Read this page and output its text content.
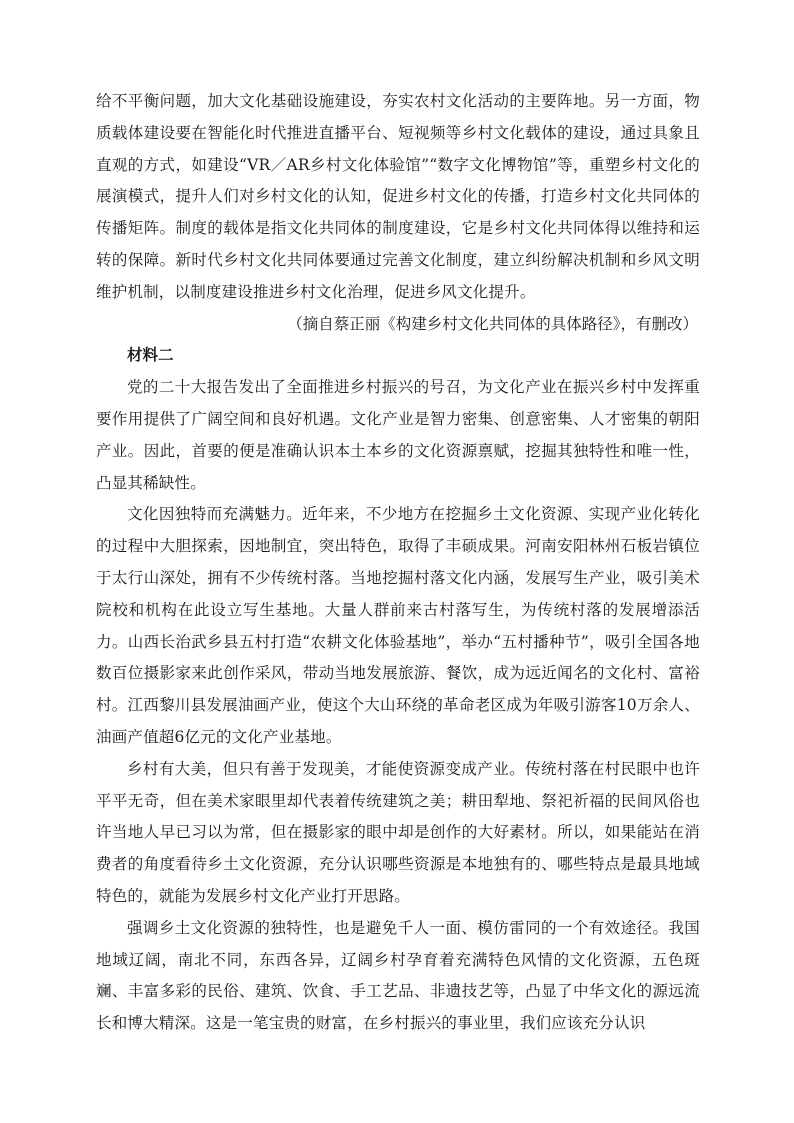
给不平衡问题，加大文化基础设施建设，夯实农村文化活动的主要阵地。另一方面，物质载体建设要在智能化时代推进直播平台、短视频等乡村文化载体的建设，通过具象且直观的方式，如建设“VR／AR乡村文化体验馆”“数字文化博物馆”等，重塑乡村文化的展演模式，提升人们对乡村文化的认知，促进乡村文化的传播，打造乡村文化共同体的传播矩阵。制度的载体是指文化共同体的制度建设，它是乡村文化共同体得以维持和运转的保障。新时代乡村文化共同体要通过完善文化制度，建立纠纷解决机制和乡风文明维护机制，以制度建设推进乡村文化治理，促进乡风文化提升。

（摘自蔡正丽《构建乡村文化共同体的具体路径》，有删改）

材料二

党的二十大报告发出了全面推进乡村振兴的号召，为文化产业在振兴乡村中发挥重要作用提供了广阔空间和良好机遇。文化产业是智力密集、创意密集、人才密集的朝阳产业。因此，首要的便是准确认识本土本乡的文化资源禀赋，挖掘其独特性和唯一性，凸显其稀缺性。

文化因独特而充满魅力。近年来，不少地方在挖掘乡土文化资源、实现产业化转化的过程中大胆探索，因地制宜，突出特色，取得了丰硕成果。河南安阳林州石板岩镇位于太行山深处，拥有不少传统村落。当地挖掘村落文化内涵，发展写生产业，吸引美术院校和机构在此设立写生基地。大量人群前来古村落写生，为传统村落的发展增添活力。山西长治武乡县五村打造“农耕文化体验基地”，举办“五村播种节”，吸引全国各地数百位摄影家来此创作采风，带动当地发展旅游、餐饮，成为远近闻名的文化村、富裕村。江西黎川县发展油画产业，使这个大山环绕的革命老区成为年吸引游客10万余人、油画产值超6亿元的文化产业基地。

乡村有大美，但只有善于发现美，才能使资源变成产业。传统村落在村民眼中也许平平无奇，但在美术家眼里却代表着传统建筑之美；耕田犁地、祭祀祈福的民间风俗也许当地人早已习以为常，但在摄影家的眼中却是创作的大好素材。所以，如果能站在消费者的角度看待乡土文化资源，充分认识哪些资源是本地独有的、哪些特点是最具地域特色的，就能为发展乡村文化产业打开思路。

强调乡土文化资源的独特性，也是避免千人一面、模仿雷同的一个有效途径。我国地域辽阔，南北不同，东西各异，辽阔乡村孕育着充满特色风情的文化资源，五色斑斓、丰富多彩的民俗、建筑、饮食、手工艺品、非遗技艺等，凸显了中华文化的源远流长和博大精深。这是一笔宝贵的财富，在乡村振兴的事业里，我们应该充分认识
